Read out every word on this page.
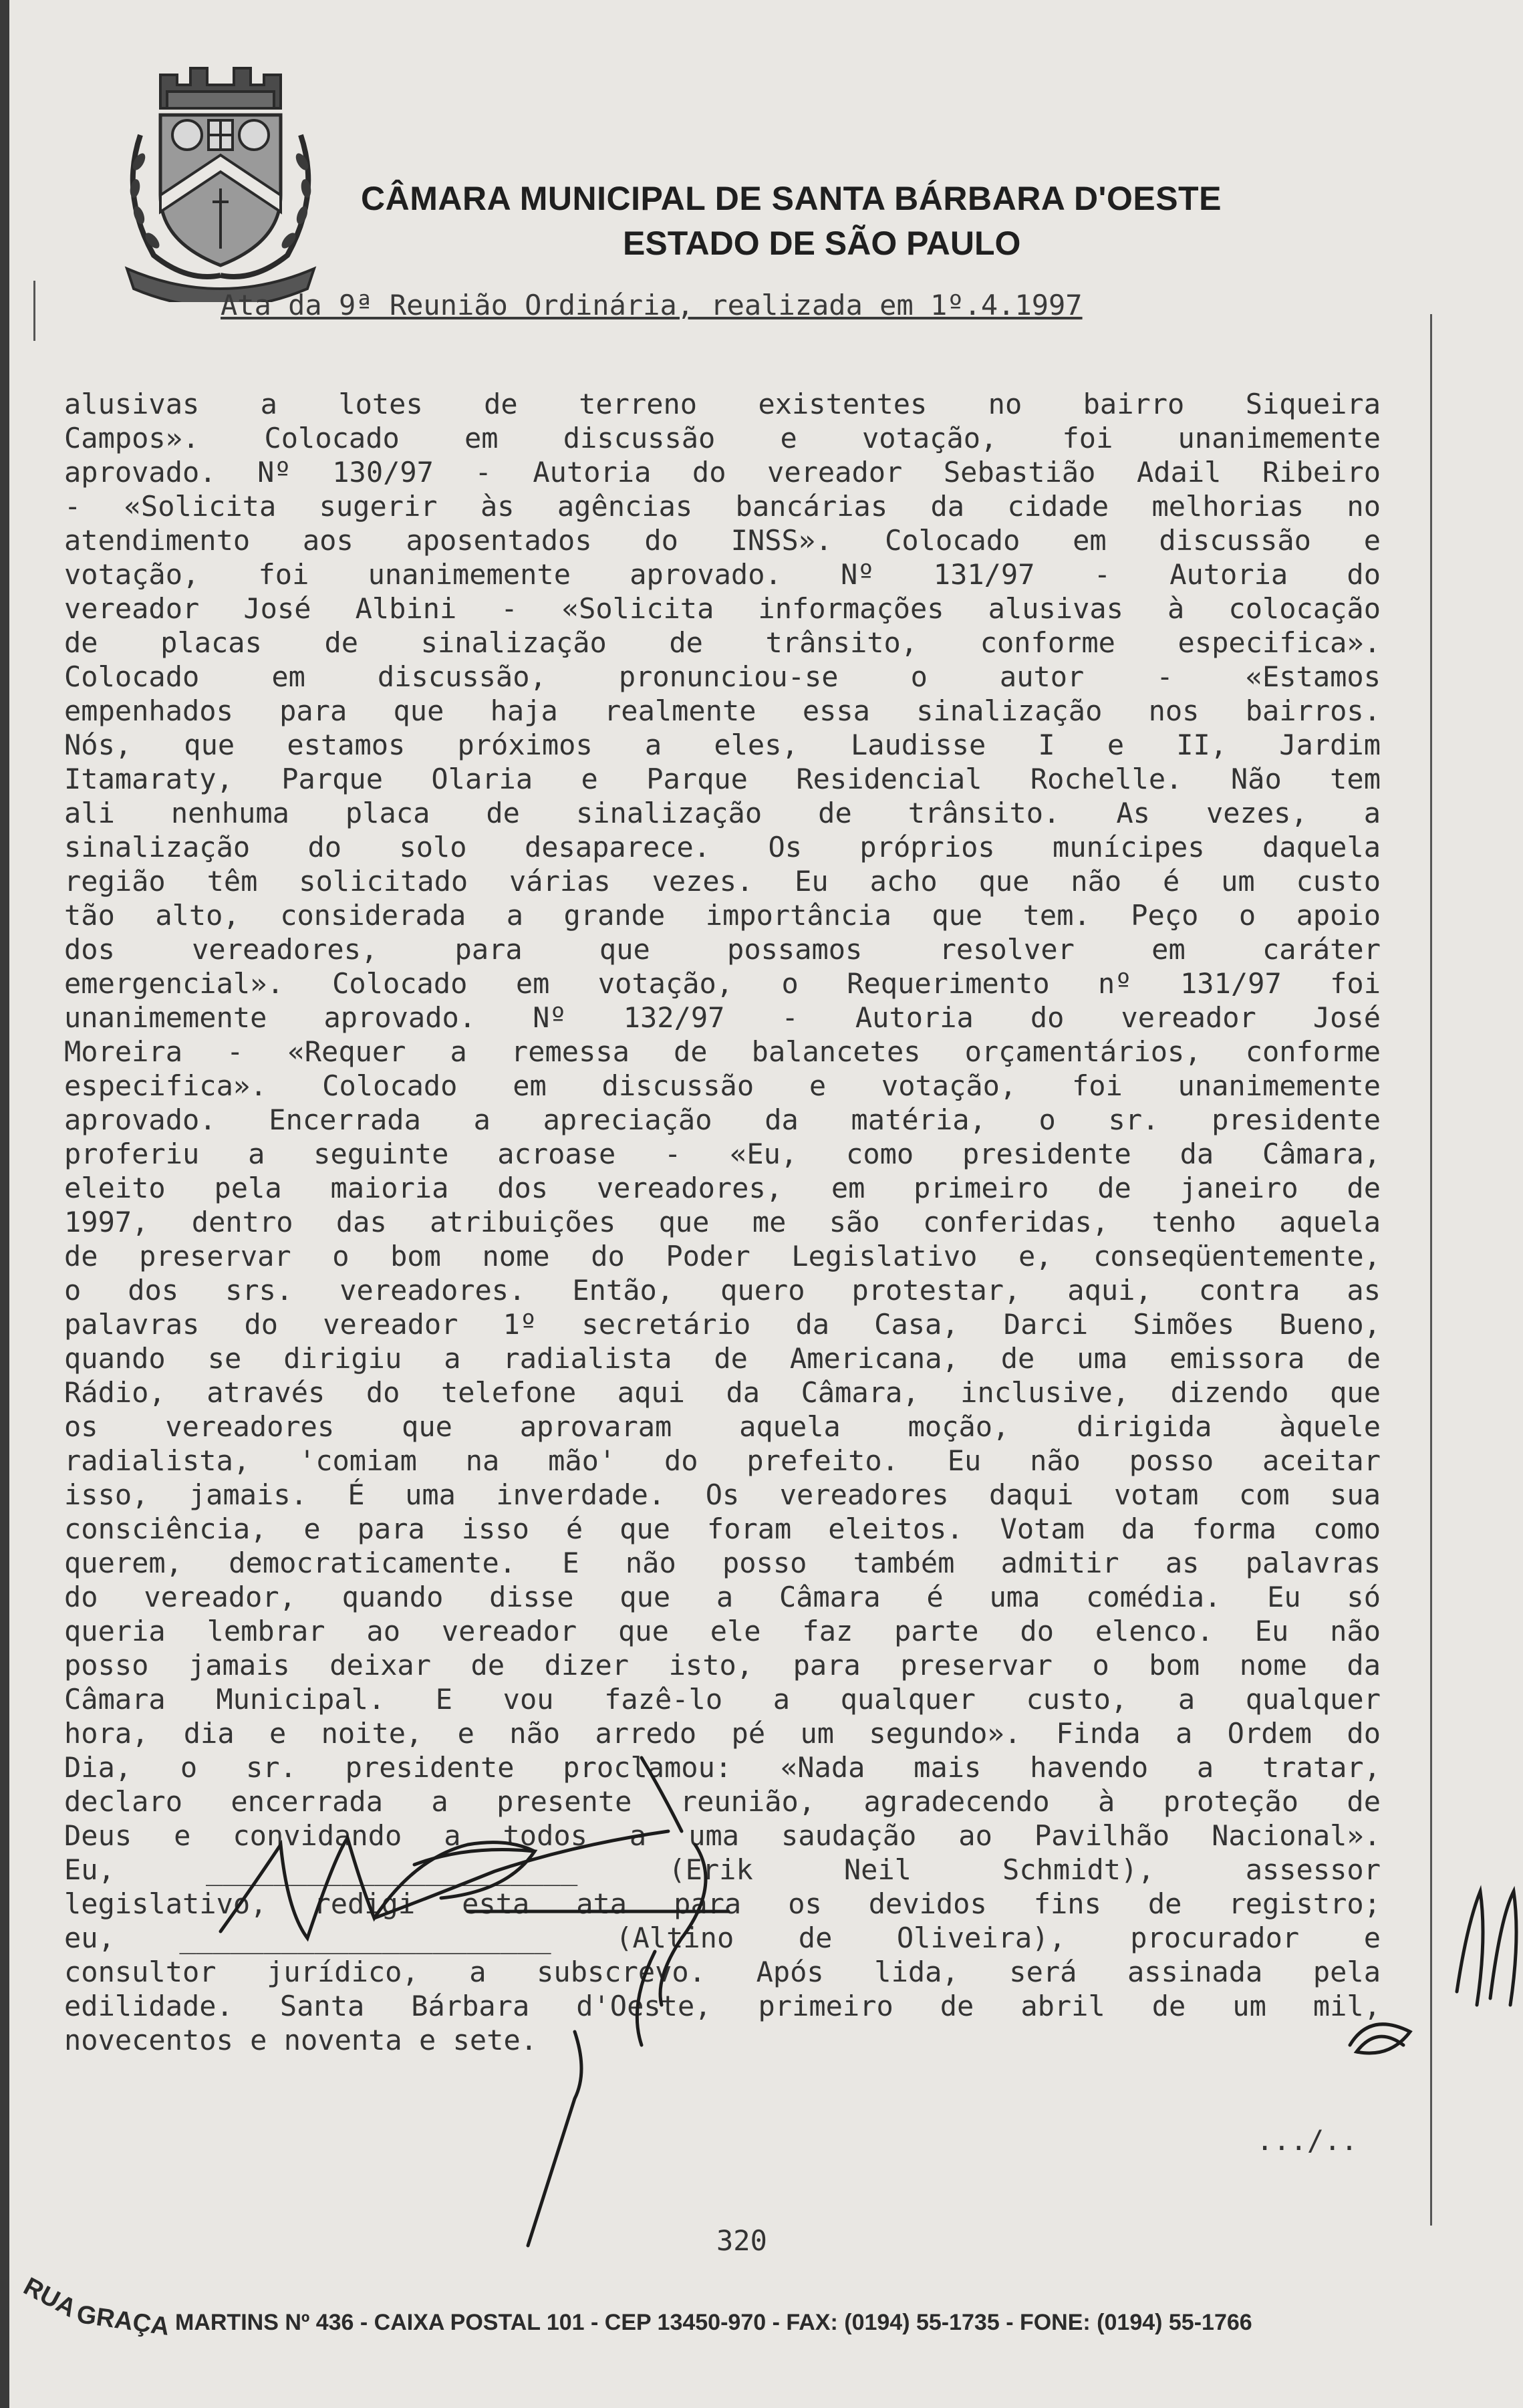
CÂMARA MUNICIPAL DE SANTA BÁRBARA D'OESTE
ESTADO DE SÃO PAULO
Ata da 9ª Reunião Ordinária, realizada em 1º.4.1997
alusivas a lotes de terreno existentes no bairro Siqueira
Campos». Colocado em discussão e votação, foi unanimemente
aprovado. Nº 130/97 - Autoria do vereador Sebastião Adail Ribeiro
- «Solicita sugerir às agências bancárias da cidade melhorias no
atendimento aos aposentados do INSS». Colocado em discussão e
votação, foi unanimemente aprovado. Nº 131/97 - Autoria do
vereador José Albini - «Solicita informações alusivas à colocação
de placas de sinalização de trânsito, conforme especifica».
Colocado em discussão, pronunciou-se o autor - «Estamos
empenhados para que haja realmente essa sinalização nos bairros.
Nós, que estamos próximos a eles, Laudisse I e II, Jardim
Itamaraty, Parque Olaria e Parque Residencial Rochelle. Não tem
ali nenhuma placa de sinalização de trânsito. As vezes, a
sinalização do solo desaparece. Os próprios munícipes daquela
região têm solicitado várias vezes. Eu acho que não é um custo
tão alto, considerada a grande importância que tem. Peço o apoio
dos vereadores, para que possamos resolver em caráter
emergencial». Colocado em votação, o Requerimento nº 131/97 foi
unanimemente aprovado. Nº 132/97 - Autoria do vereador José
Moreira - «Requer a remessa de balancetes orçamentários, conforme
especifica». Colocado em discussão e votação, foi unanimemente
aprovado. Encerrada a apreciação da matéria, o sr. presidente
proferiu a seguinte acroase - «Eu, como presidente da Câmara,
eleito pela maioria dos vereadores, em primeiro de janeiro de
1997, dentro das atribuições que me são conferidas, tenho aquela
de preservar o bom nome do Poder Legislativo e, conseqüentemente,
o dos srs. vereadores. Então, quero protestar, aqui, contra as
palavras do vereador 1º secretário da Casa, Darci Simões Bueno,
quando se dirigiu a radialista de Americana, de uma emissora de
Rádio, através do telefone aqui da Câmara, inclusive, dizendo que
os vereadores que aprovaram aquela moção, dirigida àquele
radialista, 'comiam na mão' do prefeito. Eu não posso aceitar
isso, jamais. É uma inverdade. Os vereadores daqui votam com sua
consciência, e para isso é que foram eleitos. Votam da forma como
querem, democraticamente. E não posso também admitir as palavras
do vereador, quando disse que a Câmara é uma comédia. Eu só
queria lembrar ao vereador que ele faz parte do elenco. Eu não
posso jamais deixar de dizer isto, para preservar o bom nome da
Câmara Municipal. E vou fazê-lo a qualquer custo, a qualquer
hora, dia e noite, e não arredo pé um segundo». Finda a Ordem do
Dia, o sr. presidente proclamou: «Nada mais havendo a tratar,
declaro encerrada a presente reunião, agradecendo à proteção de
Deus e convidando a todos a uma saudação ao Pavilhão Nacional».
Eu, ______________________ (Erik Neil Schmidt), assessor
legislativo, redigi esta ata para os devidos fins de registro;
eu, ______________________ (Altino de Oliveira), procurador e
consultor jurídico, a subscrevo. Após lida, será assinada pela
edilidade. Santa Bárbara d'Oeste, primeiro de abril de um mil,
novecentos e noventa e sete.
.../..
320
RUA
GRAÇA MARTINS Nº 436 - CAIXA POSTAL 101 - CEP 13450-970 - FAX: (0194) 55-1735 - FONE: (0194) 55-1766
